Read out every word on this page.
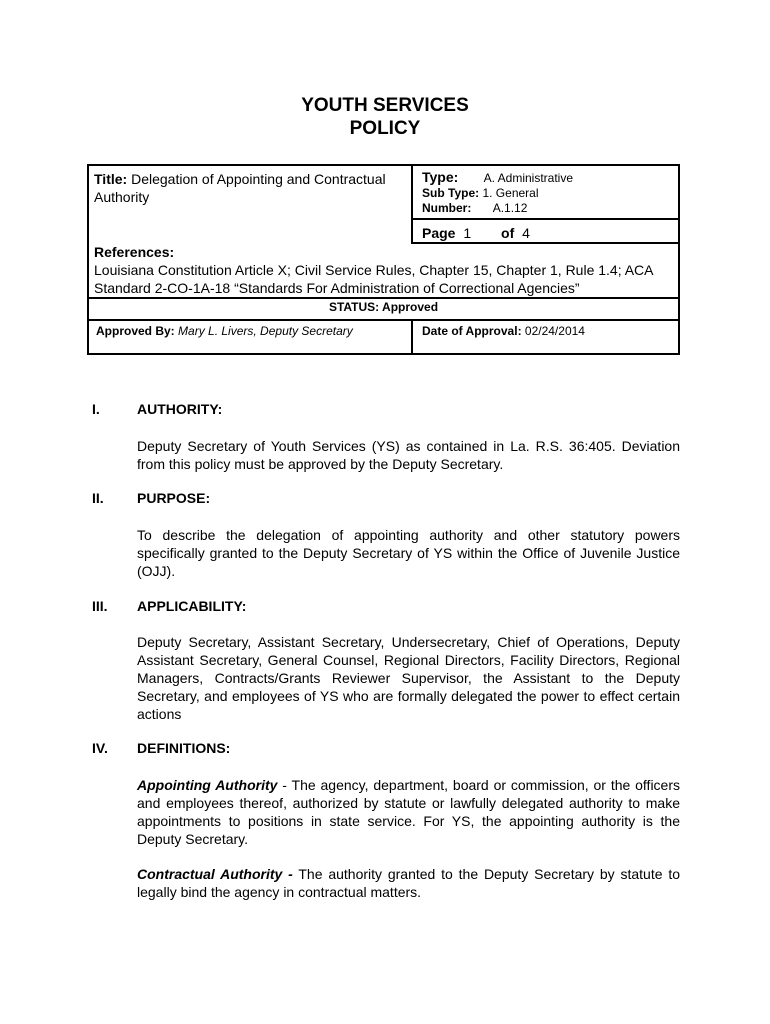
YOUTH SERVICES
POLICY
Title: Delegation of Appointing and Contractual Authority
Type: A. Administrative
Sub Type: 1. General
Number: A.1.12
Page 1 of 4
References:
Louisiana Constitution Article X; Civil Service Rules, Chapter 15, Chapter 1, Rule 1.4; ACA Standard 2-CO-1A-18 “Standards For Administration of Correctional Agencies”
STATUS: Approved
Approved By: Mary L. Livers, Deputy Secretary	Date of Approval: 02/24/2014
I.	AUTHORITY:

Deputy Secretary of Youth Services (YS) as contained in La. R.S. 36:405. Deviation from this policy must be approved by the Deputy Secretary.

II. PURPOSE:

To describe the delegation of appointing authority and other statutory powers specifically granted to the Deputy Secretary of YS within the Office of Juvenile Justice (OJJ).

III. APPLICABILITY:

Deputy Secretary, Assistant Secretary, Undersecretary, Chief of Operations, Deputy Assistant Secretary, General Counsel, Regional Directors, Facility Directors, Regional Managers, Contracts/Grants Reviewer Supervisor, the Assistant to the Deputy Secretary, and employees of YS who are formally delegated the power to effect certain actions

IV. DEFINITIONS:

Appointing Authority - The agency, department, board or commission, or the officers and employees thereof, authorized by statute or lawfully delegated authority to make appointments to positions in state service. For YS, the appointing authority is the Deputy Secretary.

Contractual Authority - The authority granted to the Deputy Secretary by statute to legally bind the agency in contractual matters.
